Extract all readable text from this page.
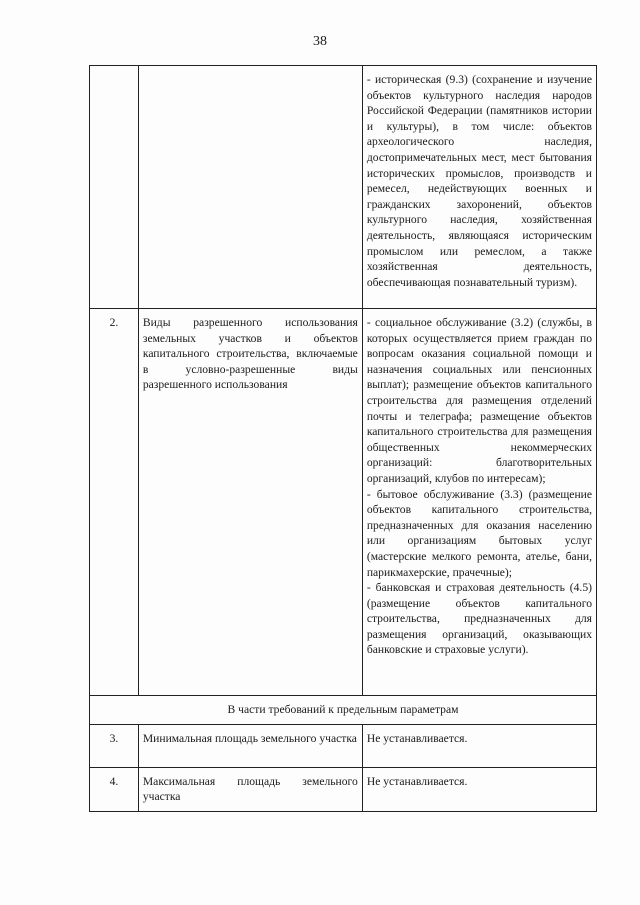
38

		- историческая (9.3) (сохранение и изучение объектов культурного наследия народов Российской Федерации (памятников истории и культуры), в том числе: объектов археологического наследия, достопримечательных мест, мест бытования исторических промыслов, производств и ремесел, недействующих военных и гражданских захоронений, объектов культурного наследия, хозяйственная деятельность, являющаяся историческим промыслом или ремеслом, а также хозяйственная деятельность, обеспечивающая познавательный туризм).

2.	Виды разрешенного использования земельных участков и объектов капитального строительства, включаемые в условно-разрешенные виды разрешенного использования	- социальное обслуживание (3.2) (службы, в которых осуществляется прием граждан по вопросам оказания социальной помощи и назначения социальных или пенсионных выплат); размещение объектов капитального строительства для размещения отделений почты и телеграфа; размещение объектов капитального строительства для размещения общественных некоммерческих организаций: благотворительных организаций, клубов по интересам);

- бытовое обслуживание (3.3) (размещение объектов капитального строительства, предназначенных для оказания населению или организациям бытовых услуг (мастерские мелкого ремонта, ателье, бани, парикмахерские, прачечные);

- банковская и страховая деятельность (4.5) (размещение объектов капитального строительства, предназначенных для размещения организаций, оказывающих банковские и страховые услуги).

В части требований к предельным параметрам		
3.	Минимальная площадь земельного участка	Не устанавливается.
4.	Максимальная площадь земельного участка	Не устанавливается.
